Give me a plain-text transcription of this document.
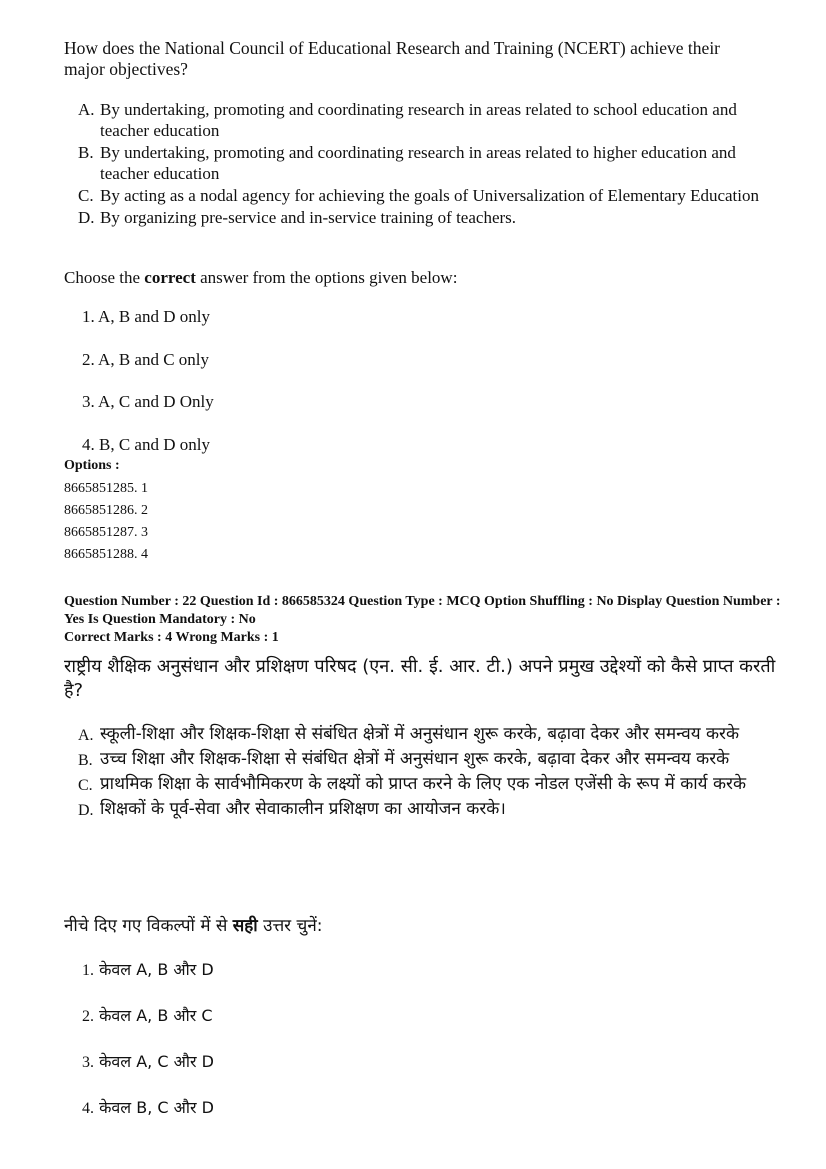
How does the National Council of Educational Research and Training (NCERT) achieve their major objectives?
A. By undertaking, promoting and coordinating research in areas related to school education and teacher education
B. By undertaking, promoting and coordinating research in areas related to higher education and teacher education
C. By acting as a nodal agency for achieving the goals of Universalization of Elementary Education
D. By organizing pre-service and in-service training of teachers.
Choose the correct answer from the options given below:
1. A, B and D only
2. A, B and C only
3. A, C and D Only
4. B, C and D only
Options :
8665851285. 1
8665851286. 2
8665851287. 3
8665851288. 4
Question Number : 22 Question Id : 866585324 Question Type : MCQ Option Shuffling : No Display Question Number : Yes Is Question Mandatory : No
Correct Marks : 4 Wrong Marks : 1
राष्ट्रीय शैक्षिक अनुसंधान और प्रशिक्षण परिषद (एन. सी. ई. आर. टी.) अपने प्रमुख उद्देश्यों को कैसे प्राप्त करती है?
A. स्कूली-शिक्षा और शिक्षक-शिक्षा से संबंधित क्षेत्रों में अनुसंधान शुरू करके, बढ़ावा देकर और समन्वय करके
B. उच्च शिक्षा और शिक्षक-शिक्षा से संबंधित क्षेत्रों में अनुसंधान शुरू करके, बढ़ावा देकर और समन्वय करके
C. प्राथमिक शिक्षा के सार्वभौमिकरण के लक्ष्यों को प्राप्त करने के लिए एक नोडल एजेंसी के रूप में कार्य करके
D. शिक्षकों के पूर्व-सेवा और सेवाकालीन प्रशिक्षण का आयोजन करके।
नीचे दिए गए विकल्पों में से सही उत्तर चुनें:
1. केवल A, B और D
2. केवल A, B और C
3. केवल A, C और D
4. केवल B, C और D
